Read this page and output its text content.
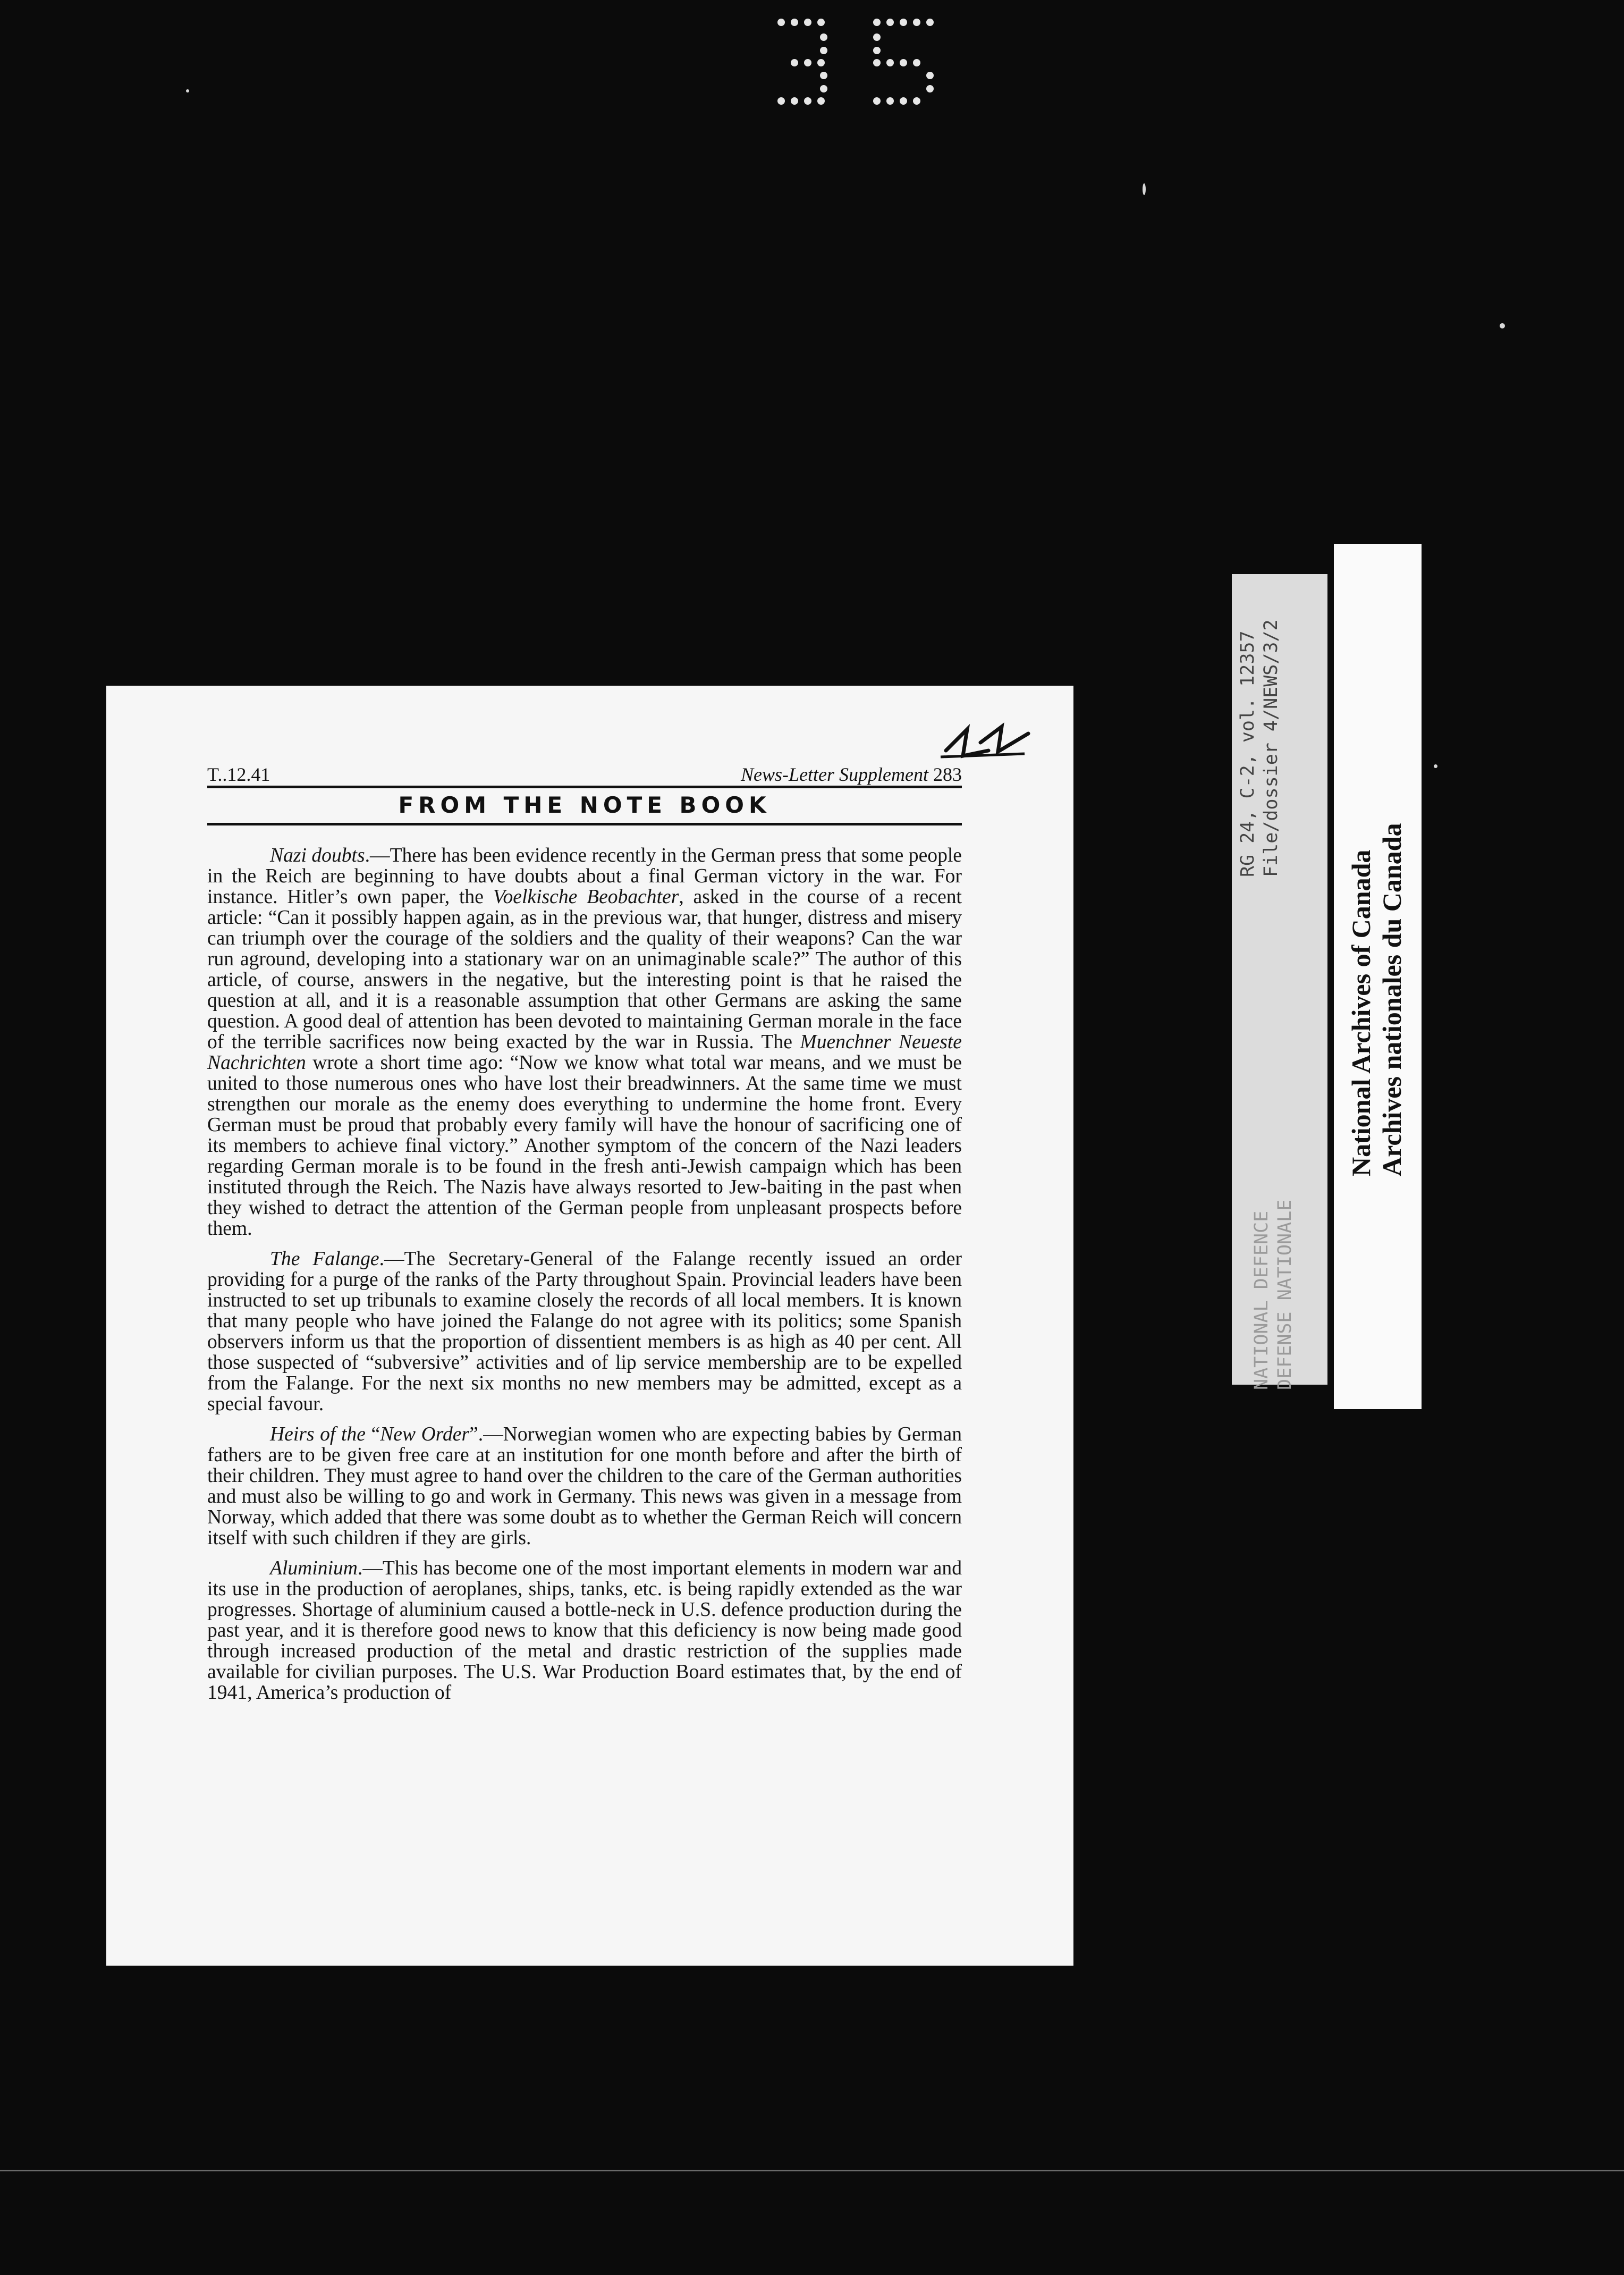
T..12.41	News-Letter Supplement 283
FROM THE NOTE BOOK

Nazi doubts.—There has been evidence recently in the German press that some people in the Reich are beginning to have doubts about a final German victory in the war. For instance. Hitler’s own paper, the Voelkische Beobachter, asked in the course of a recent article: “Can it possibly happen again, as in the previous war, that hunger, distress and misery can triumph over the courage of the soldiers and the quality of their weapons? Can the war run aground, developing into a stationary war on an unimaginable scale?” The author of this article, of course, answers in the negative, but the interesting point is that he raised the question at all, and it is a reasonable assumption that other Germans are asking the same question. A good deal of attention has been devoted to maintaining German morale in the face of the terrible sacrifices now being exacted by the war in Russia. The Muenchner Neueste Nachrichten wrote a short time ago: “Now we know what total war means, and we must be united to those numerous ones who have lost their breadwinners. At the same time we must strengthen our morale as the enemy does everything to undermine the home front. Every German must be proud that probably every family will have the honour of sacrificing one of its members to achieve final victory.” Another symptom of the concern of the Nazi leaders regarding German morale is to be found in the fresh anti-Jewish campaign which has been instituted through the Reich. The Nazis have always resorted to Jew-baiting in the past when they wished to detract the attention of the German people from unpleasant prospects before them.

The Falange.—The Secretary-General of the Falange recently issued an order providing for a purge of the ranks of the Party throughout Spain. Provincial leaders have been instructed to set up tribunals to examine closely the records of all local members. It is known that many people who have joined the Falange do not agree with its politics; some Spanish observers inform us that the proportion of dissentient members is as high as 40 per cent. All those suspected of “subversive” activities and of lip service membership are to be expelled from the Falange. For the next six months no new members may be admitted, except as a special favour.

Heirs of the “New Order”.—Norwegian women who are expecting babies by German fathers are to be given free care at an institution for one month before and after the birth of their children. They must agree to hand over the children to the care of the German authorities and must also be willing to go and work in Germany. This news was given in a message from Norway, which added that there was some doubt as to whether the German Reich will concern itself with such children if they are girls.

Aluminium.—This has become one of the most important elements in modern war and its use in the production of aeroplanes, ships, tanks, etc. is being rapidly extended as the war progresses. Shortage of aluminium caused a bottle-neck in U.S. defence production during the past year, and it is therefore good news to know that this deficiency is now being made good through increased production of the metal and drastic restriction of the supplies made available for civilian purposes. The U.S. War Production Board estimates that, by the end of 1941, America’s production of

RG 24, C-2, vol. 12357 File/dossier 4/NEWS/3/2
NATIONAL DEFENCE DEFENSE NATIONALE
National Archives of Canada Archives nationales du Canada
